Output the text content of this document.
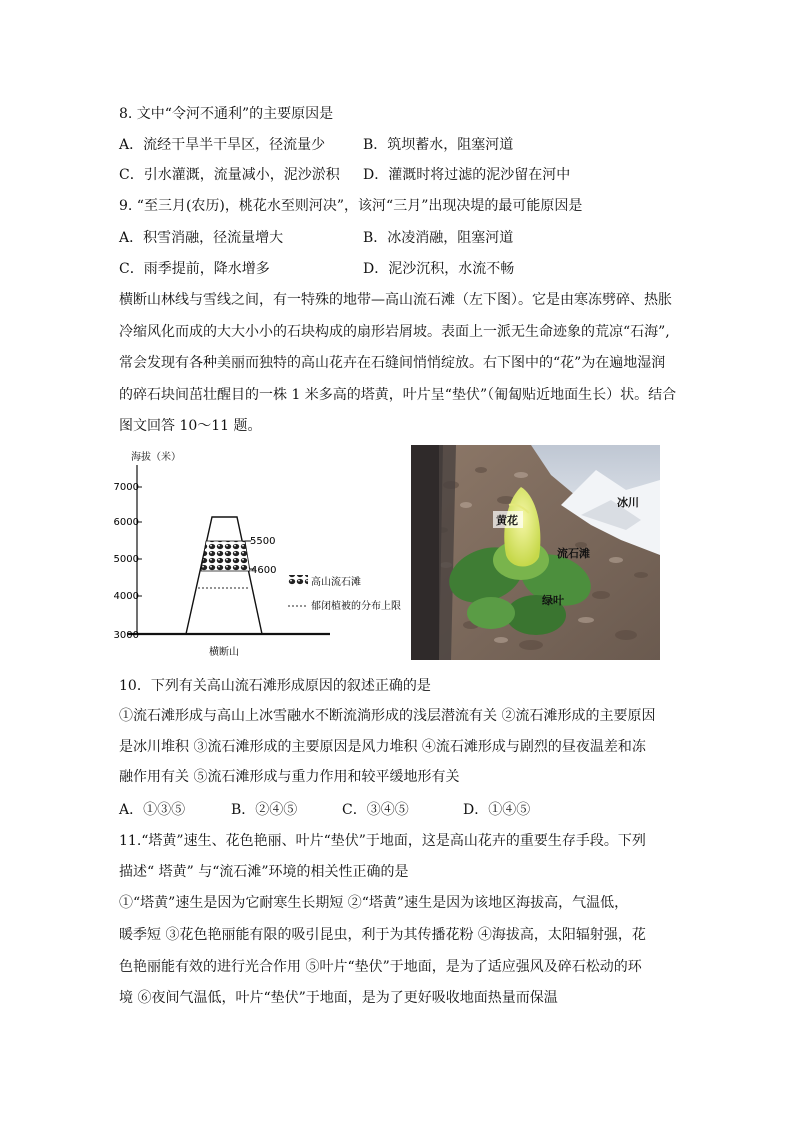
8. 文中“令河不通利”的主要原因是
A．流经干旱半干旱区，径流量少	B．筑坝蓄水，阻塞河道
C．引水灌溉，流量减小，泥沙淤积 D．灌溉时将过滤的泥沙留在河中
9. “至三月(农历)，桃花水至则河决”，该河“三月”出现决堤的最可能原因是
A．积雪消融，径流量增大	B．冰凌消融，阻塞河道
C．雨季提前，降水增多	D．泥沙沉积，水流不畅
横断山林线与雪线之间，有一特殊的地带—高山流石滩（左下图）。它是由寒冻劈碎、热胀
冷缩风化而成的大大小小的石块构成的扇形岩屑坡。表面上一派无生命迹象的荒凉“石海”,
常会发现有各种美丽而独特的高山花卉在石缝间悄悄绽放。右下图中的“花”为在遍地湿润
的碎石块间茁壮醒目的一株 1 米多高的塔黄，叶片呈“垫伏”（匍匐贴近地面生长）状。结合
图文回答 10～11 题。
海拔（米）
7000
6000
5000
4000
3000
5500
4600
横断山
高山流石滩
郁闭植被的分布上限
冰川
黄花
流石滩
绿叶
10．下列有关高山流石滩形成原因的叙述正确的是
①流石滩形成与高山上冰雪融水不断流淌形成的浅层潜流有关 ②流石滩形成的主要原因
是冰川堆积 ③流石滩形成的主要原因是风力堆积 ④流石滩形成与剧烈的昼夜温差和冻
融作用有关 ⑤流石滩形成与重力作用和较平缓地形有关
A．①③⑤	B．②④⑤	C．③④⑤	D．①④⑤
11.“塔黄”速生、花色艳丽、叶片“垫伏”于地面，这是高山花卉的重要生存手段。下列
描述“ 塔黄” 与“流石滩”环境的相关性正确的是
①“塔黄”速生是因为它耐寒生长期短 ②“塔黄”速生是因为该地区海拔高，气温低，
暖季短 ③花色艳丽能有限的吸引昆虫，利于为其传播花粉 ④海拔高，太阳辐射强，花
色艳丽能有效的进行光合作用 ⑤叶片“垫伏”于地面，是为了适应强风及碎石松动的环
境 ⑥夜间气温低，叶片“垫伏”于地面，是为了更好吸收地面热量而保温
